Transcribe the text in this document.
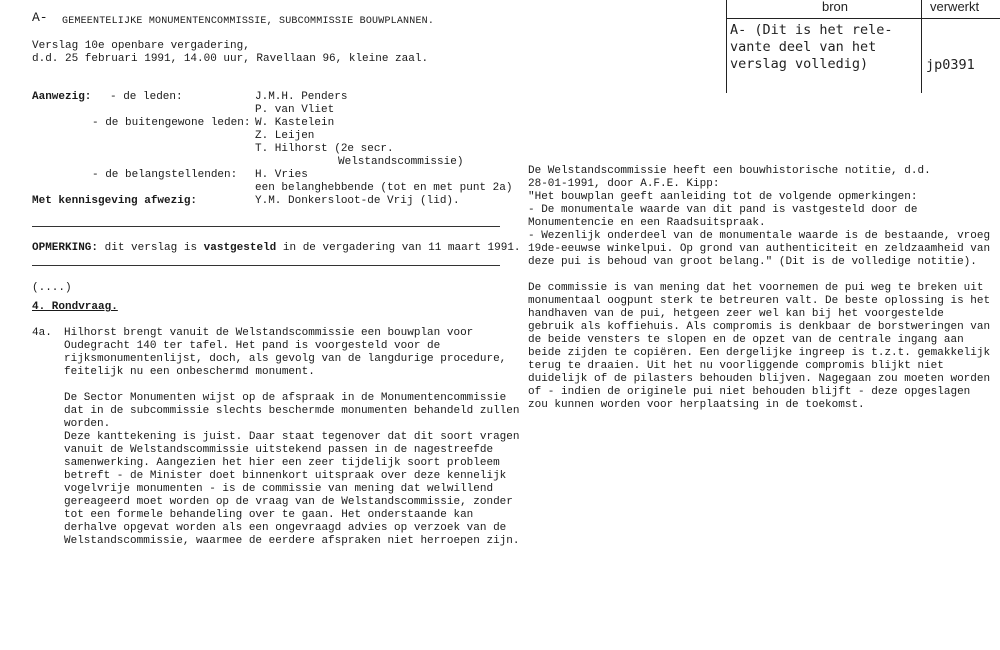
bron	verwerkt
A- (Dit is het rele-
vante deel van het
verslag volledig)	jp0391
A- GEMEENTELIJKE MONUMENTENCOMMISSIE, SUBCOMMISSIE BOUWPLANNEN.
Verslag 10e openbare vergadering,
d.d. 25 februari 1991, 14.00 uur, Ravellaan 96, kleine zaal.
Aanwezig: - de leden:	J.M.H. Penders
P. van Vliet
- de buitengewone leden: W. Kastelein
Z. Leijen
T. Hilhorst (2e secr.
Welstandscommissie)
- de belangstellenden: H. Vries
een belanghebbende (tot en met punt 2a)
Met kennisgeving afwezig:	Y.M. Donkersloot-de Vrij (lid).
OPMERKING: dit verslag is vastgesteld in de vergadering van 11 maart 1991.
(....)
4. Rondvraag.
4a. Hilhorst brengt vanuit de Welstandscommissie een bouwplan voor
Oudegracht 140 ter tafel. Het pand is voorgesteld voor de
rijksmonumentenlijst, doch, als gevolg van de langdurige procedure,
feitelijk nu een onbeschermd monument.
De Sector Monumenten wijst op de afspraak in de Monumentencommissie
dat in de subcommissie slechts beschermde monumenten behandeld zullen
worden.
Deze kanttekening is juist. Daar staat tegenover dat dit soort vragen
vanuit de Welstandscommissie uitstekend passen in de nagestreefde
samenwerking. Aangezien het hier een zeer tijdelijk soort probleem
betreft - de Minister doet binnenkort uitspraak over deze kennelijk
vogelvrije monumenten - is de commissie van mening dat welwillend
gereageerd moet worden op de vraag van de Welstandscommissie, zonder
tot een formele behandeling over te gaan. Het onderstaande kan
derhalve opgevat worden als een ongevraagd advies op verzoek van de
Welstandscommissie, waarmee de eerdere afspraken niet herroepen zijn.
De Welstandscommissie heeft een bouwhistorische notitie, d.d.
28-01-1991, door A.F.E. Kipp:
"Het bouwplan geeft aanleiding tot de volgende opmerkingen:
- De monumentale waarde van dit pand is vastgesteld door de
Monumentencie en een Raadsuitspraak.
- Wezenlijk onderdeel van de monumentale waarde is de bestaande, vroeg
19de-eeuwse winkelpui. Op grond van authenticiteit en zeldzaamheid van
deze pui is behoud van groot belang." (Dit is de volledige notitie).
De commissie is van mening dat het voornemen de pui weg te breken uit
monumentaal oogpunt sterk te betreuren valt. De beste oplossing is het
handhaven van de pui, hetgeen zeer wel kan bij het voorgestelde
gebruik als koffiehuis. Als compromis is denkbaar de borstweringen van
de beide vensters te slopen en de opzet van de centrale ingang aan
beide zijden te copiëren. Een dergelijke ingreep is t.z.t. gemakkelijk
terug te draaien. Uit het nu voorliggende compromis blijkt niet
duidelijk of de pilasters behouden blijven. Nagegaan zou moeten worden
of - indien de originele pui niet behouden blijft - deze opgeslagen
zou kunnen worden voor herplaatsing in de toekomst.
